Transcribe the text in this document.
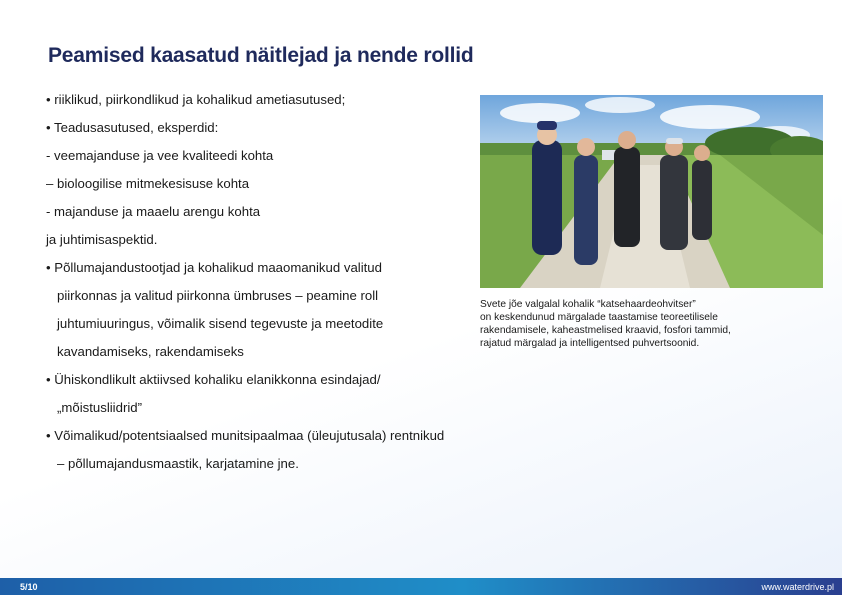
Peamised kaasatud näitlejad ja nende rollid
• riiklikud, piirkondlikud ja kohalikud ametiasutused;
• Teadusasutused, eksperdid:
- veemajanduse ja vee kvaliteedi kohta
– bioloogilise mitmekesisuse kohta
- majanduse ja maaelu arengu kohta
ja juhtimisaspektid.
• Põllumajandustootjad ja kohalikud maaomanikud valitud
piirkonnas ja valitud piirkonna ümbruses – peamine roll
juhtumiuuringus, võimalik sisend tegevuste ja meetodite
kavandamiseks, rakendamiseks
• Ühiskondlikult aktiivsed kohaliku elanikkonna esindajad/
„mõistusliidrid”
• Võimalikud/potentsiaalsed munitsipaalmaa (üleujutusala) rentnikud
– põllumajandusmaastik, karjatamine jne.

Svete jõe valgalal kohalik “katsehaardeohvitser”
on keskendunud märgalade taastamise teoreetilisele
rakendamisele, kaheastmelised kraavid, fosfori tammid,
rajatud märgalad ja intelligentsed puhvertsoonid.

5/10	www.waterdrive.pl
